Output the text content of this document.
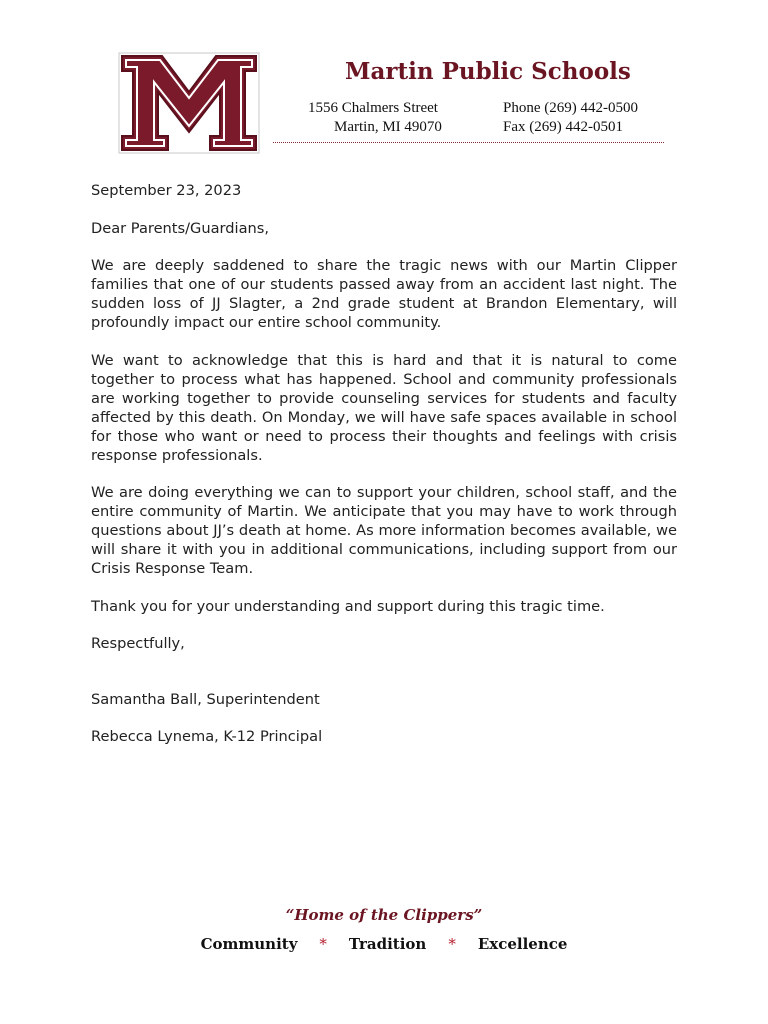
Martin Public Schools
1556 Chalmers Street
Martin, MI 49070
Phone (269) 442-0500
Fax (269) 442-0501

September 23, 2023

Dear Parents/Guardians,

We are deeply saddened to share the tragic news with our Martin Clipper families that one of our students passed away from an accident last night. The sudden loss of JJ Slagter, a 2nd grade student at Brandon Elementary, will profoundly impact our entire school community.

We want to acknowledge that this is hard and that it is natural to come together to process what has happened. School and community professionals are working together to provide counseling services for students and faculty affected by this death. On Monday, we will have safe spaces available in school for those who want or need to process their thoughts and feelings with crisis response professionals.

We are doing everything we can to support your children, school staff, and the entire community of Martin. We anticipate that you may have to work through questions about JJ’s death at home. As more information becomes available, we will share it with you in additional communications, including support from our Crisis Response Team.

Thank you for your understanding and support during this tragic time.

Respectfully,

Samantha Ball, Superintendent

Rebecca Lynema, K-12 Principal

“Home of the Clippers”
Community * Tradition * Excellence
